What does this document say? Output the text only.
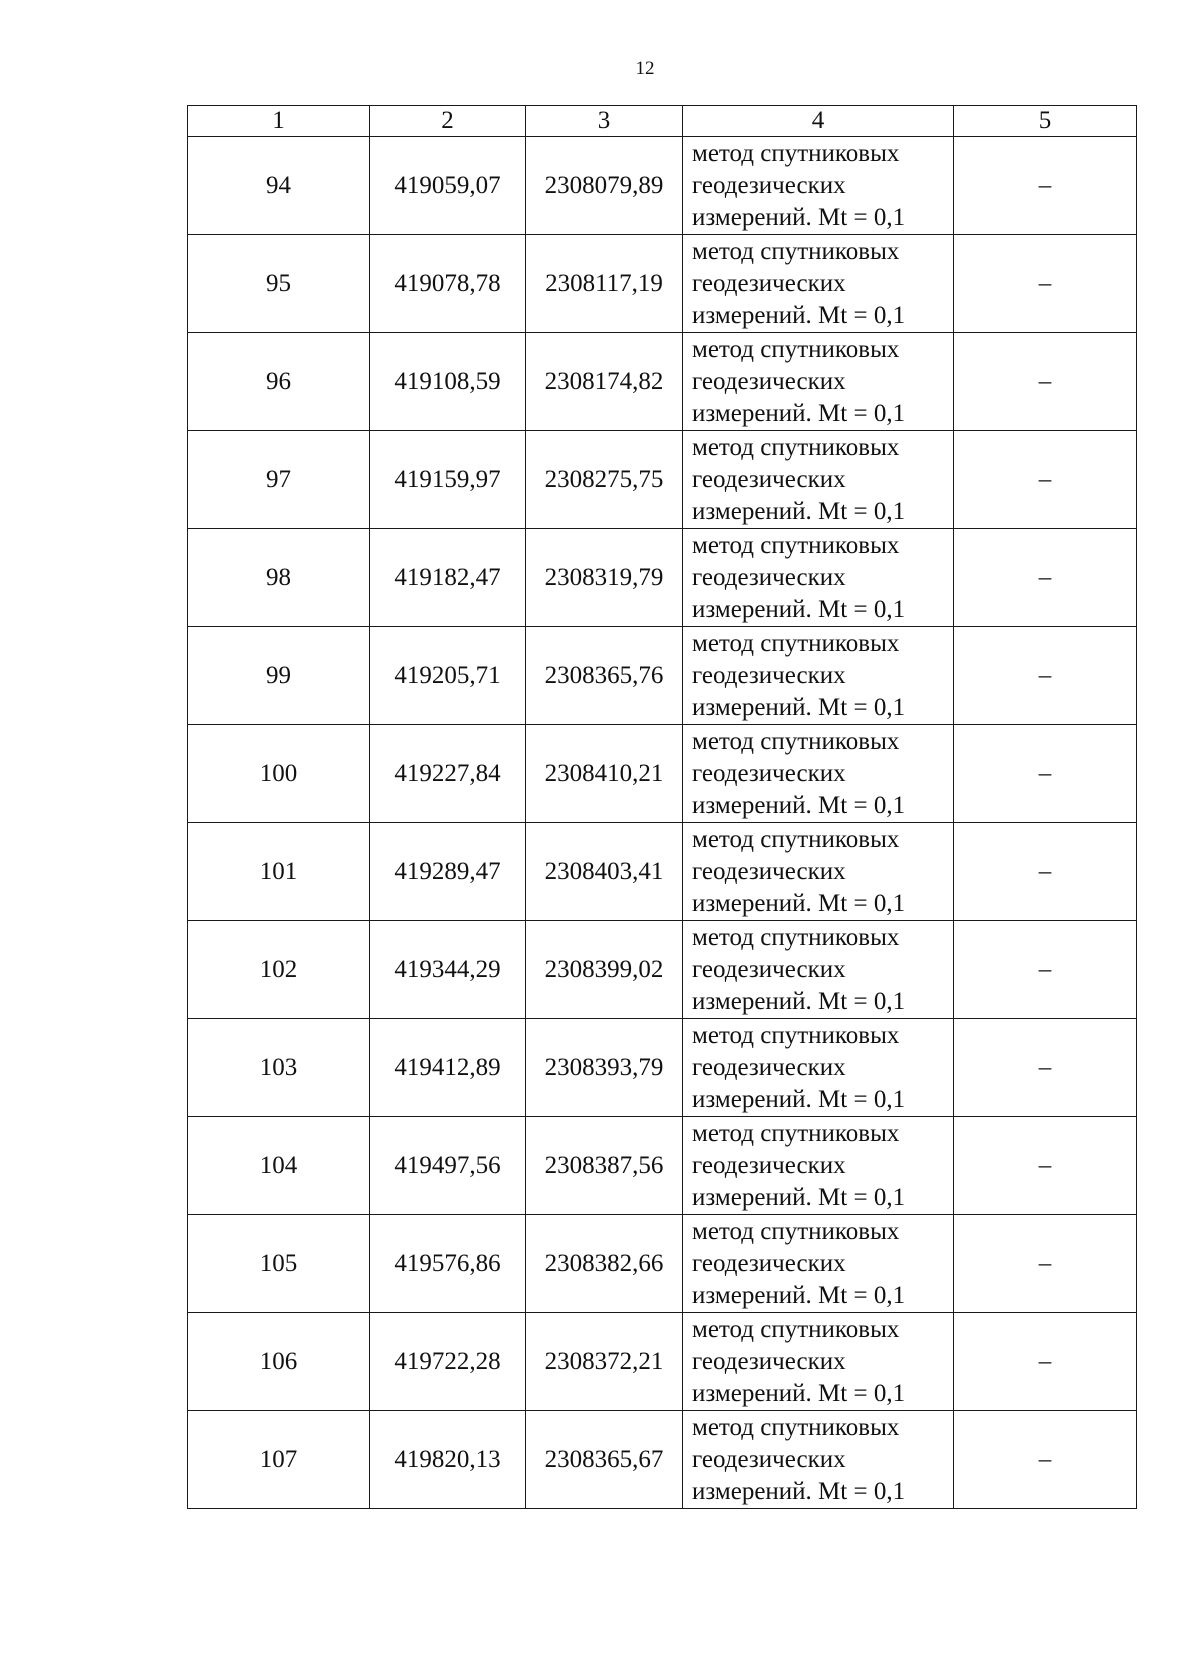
12
1	2	3	4	5
94	419059,07	2308079,89	метод спутниковых
геодезических
измерений. Mt = 0,1	–
95	419078,78	2308117,19	метод спутниковых
геодезических
измерений. Mt = 0,1	–
96	419108,59	2308174,82	метод спутниковых
геодезических
измерений. Mt = 0,1	–
97	419159,97	2308275,75	метод спутниковых
геодезических
измерений. Mt = 0,1	–
98	419182,47	2308319,79	метод спутниковых
геодезических
измерений. Mt = 0,1	–
99	419205,71	2308365,76	метод спутниковых
геодезических
измерений. Mt = 0,1	–
100	419227,84	2308410,21	метод спутниковых
геодезических
измерений. Mt = 0,1	–
101	419289,47	2308403,41	метод спутниковых
геодезических
измерений. Mt = 0,1	–
102	419344,29	2308399,02	метод спутниковых
геодезических
измерений. Mt = 0,1	–
103	419412,89	2308393,79	метод спутниковых
геодезических
измерений. Mt = 0,1	–
104	419497,56	2308387,56	метод спутниковых
геодезических
измерений. Mt = 0,1	–
105	419576,86	2308382,66	метод спутниковых
геодезических
измерений. Mt = 0,1	–
106	419722,28	2308372,21	метод спутниковых
геодезических
измерений. Mt = 0,1	–
107	419820,13	2308365,67	метод спутниковых
геодезических
измерений. Mt = 0,1	–
